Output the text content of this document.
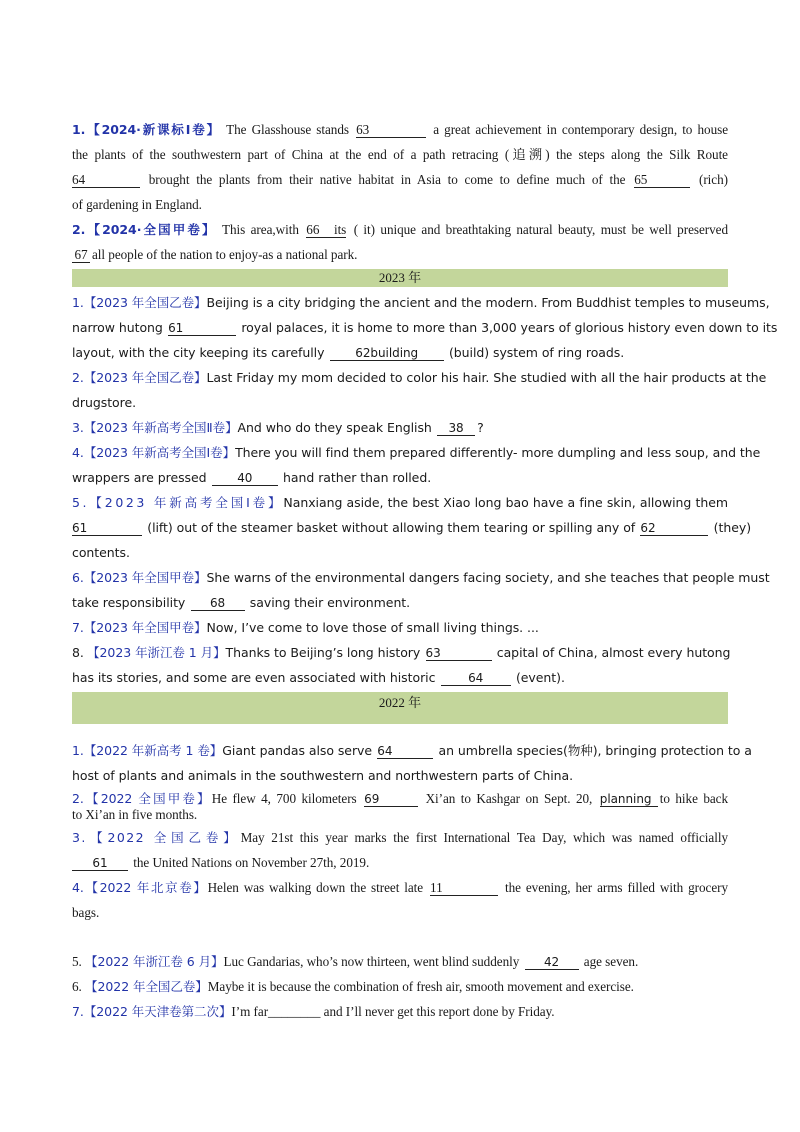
1.【2024·新课标Ⅰ卷】 The Glasshouse stands 63	a great achievement in contemporary design, to house
the plants of the southwestern part of China at the end of a path retracing (追溯) the steps along the Silk Route
64	brought the plants from their native habitat in Asia to come to define much of the 65	(rich)
of gardening in England.
2.【2024·全国甲卷】 This area,with 66 its ( it) unique and breathtaking natural beauty, must be well preserved
67 all people of the nation to enjoy-as a national park.
2023 年
1.【2023 年全国乙卷】Beijing is a city bridging the ancient and the modern. From Buddhist temples to museums,
narrow hutong 61	royal palaces, it is home to more than 3,000 years of glorious history even down to its
layout, with the city keeping its carefully	62building (build) system of ring roads.
2.【2023 年全国乙卷】Last Friday my mom decided to color his hair. She studied with all the hair products at the
drugstore.
3.【2023 年新高考全国Ⅱ卷】And who do they speak English 38 ?
4.【2023 年新高考全国Ⅰ卷】There you will find them prepared differently- more dumpling and less soup, and the
wrappers are pressed	40 hand rather than rolled.
5.【2023 年新高考全国Ⅰ卷】Nanxiang aside, the best Xiao long bao have a fine skin, allowing them
61	(lift) out of the steamer basket without allowing them tearing or spilling any of 62	(they)
contents.
6.【2023 年全国甲卷】She warns of the environmental dangers facing society, and she teaches that people must
take responsibility 68 saving their environment.
7.【2023 年全国甲卷】Now, I’ve come to love those of small living things. ...
8. 【2023 年浙江卷 1 月】Thanks to Beijing’s long history 63	capital of China, almost every hutong
has its stories, and some are even associated with historic	64	(event).
2022 年
1.【2022 年新高考 1 卷】Giant pandas also serve 64	an umbrella species(物种), bringing protection to a
host of plants and animals in the southwestern and northwestern parts of China.
2.【2022 全国甲卷】He flew 4, 700 kilometers 69	Xi’an to Kashgar on Sept. 20, planning to hike back
to Xi’an in five months.
3.【2022 全国乙卷】May 21st this year marks the first International Tea Day, which was named officially
61 the United Nations on November 27th, 2019.
4.【2022 年北京卷】Helen was walking down the street late 11	the evening, her arms filled with grocery
bags.
5. 【2022 年浙江卷 6 月】Luc Gandarias, who’s now thirteen, went blind suddenly 42 age seven.
6. 【2022 年全国乙卷】Maybe it is because the combination of fresh air, smooth movement and exercise.
7.【2022 年天津卷第二次】I’m far________ and I’ll never get this report done by Friday.
